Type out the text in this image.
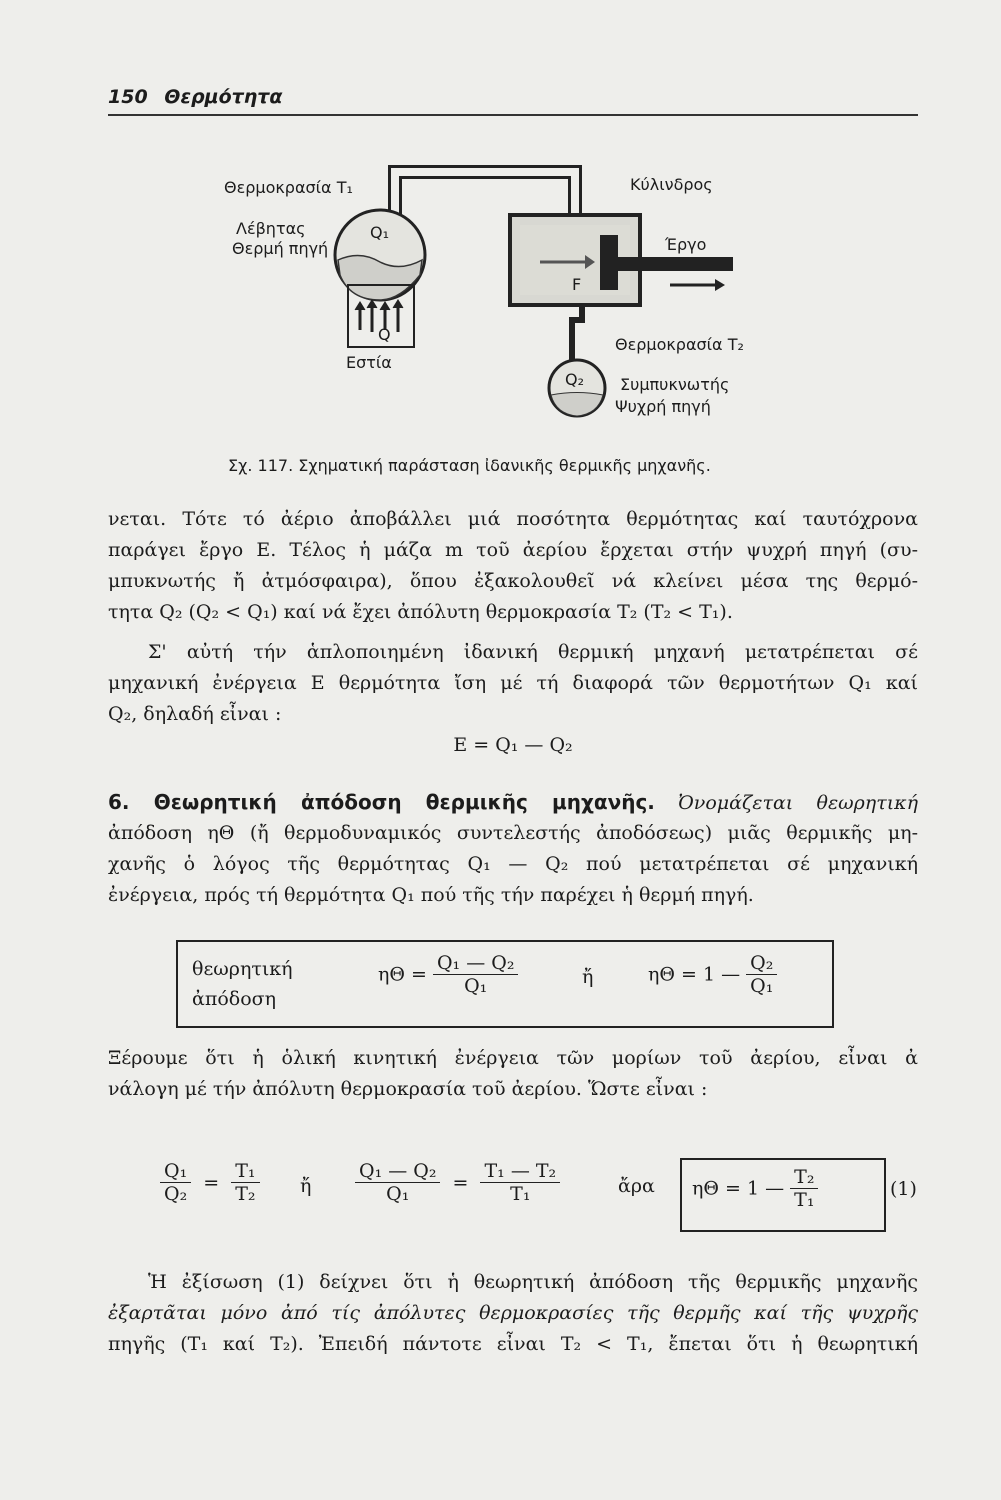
150 Θερμότητα
Θερμοκρασία T₁
Λέβητας
Θερμή πηγή
Q₁
Q
Εστία
Κύλινδρος
Έργο
F
Θερμοκρασία T₂
Q₂ Συμπυκνωτής
Ψυχρή πηγή
Σχ. 117. Σχηματική παράσταση ἰδανικῆς θερμικῆς μηχανῆς.
νεται. Τότε τό ἀέριο ἀποβάλλει μιά ποσότητα θερμότητας καί ταυτόχρονα
παράγει ἔργο Ε. Τέλος ἡ μάζα m τοῦ ἀερίου ἔρχεται στήν ψυχρή πηγή (συ-
μπυκνωτής ἤ ἀτμόσφαιρα), ὅπου ἐξακολουθεῖ νά κλείνει μέσα της θερμό-
τητα Q₂ (Q₂ < Q₁) καί νά ἔχει ἀπόλυτη θερμοκρασία T₂ (T₂ < T₁).
Σ' αὐτή τήν ἁπλοποιημένη ἰδανική θερμική μηχανή μετατρέπεται σέ
μηχανική ἐνέργεια Ε θερμότητα ἴση μέ τή διαφορά τῶν θερμοτήτων Q₁ καί
Q₂, δηλαδή εἶναι :
E = Q₁ — Q₂
6. Θεωρητική ἀπόδοση θερμικῆς μηχανῆς. Ὀνομάζεται θεωρητική
ἀπόδοση ηΘ (ἤ θερμοδυναμικός συντελεστής ἀποδόσεως) μιᾶς θερμικῆς μη-
χανῆς ὁ λόγος τῆς θερμότητας Q₁ — Q₂ πού μετατρέπεται σέ μηχανική
ἐνέργεια, πρός τή θερμότητα Q₁ πού τῆς τήν παρέχει ἡ θερμή πηγή.
θεωρητική
ἀπόδοση
$\eta\Theta = \frac{\text{Q₁ — Q₂}}{\text{Q₁}}$	ἤ	ηΘ = 1 — $\frac{\text{Q₂}}{\text{Q₁}}$
Ξέρουμε ὅτι ἡ ὁλική κινητική ἐνέργεια τῶν μορίων τοῦ ἀερίου, εἶναι ἀ
νάλογη μέ τήν ἀπόλυτη θερμοκρασία τοῦ ἀερίου. Ὥστε εἶναι :
$\frac{\text{Q₁}}{\text{Q₂}} = \frac{\text{T₁}}{\text{T₂}}$ ἤ $\frac{\text{Q₁ — Q₂}}{\text{Q₁}} = \frac{\text{T₁ — T₂}}{\text{T₁}}$	ἄρα ηΘ = 1 — $\frac{\text{T₂}}{\text{T₁}}$	(1)
Ἡ ἐξίσωση (1) δείχνει ὅτι ἡ θεωρητική ἀπόδοση τῆς θερμικῆς μηχανῆς
ἐξαρτᾶται μόνο ἀπό τίς ἀπόλυτες θερμοκρασίες τῆς θερμῆς καί τῆς ψυχρῆς
πηγῆς (T₁ καί T₂). Ἐπειδή πάντοτε εἶναι T₂ < T₁, ἔπεται ὅτι ἡ θεωρητική
